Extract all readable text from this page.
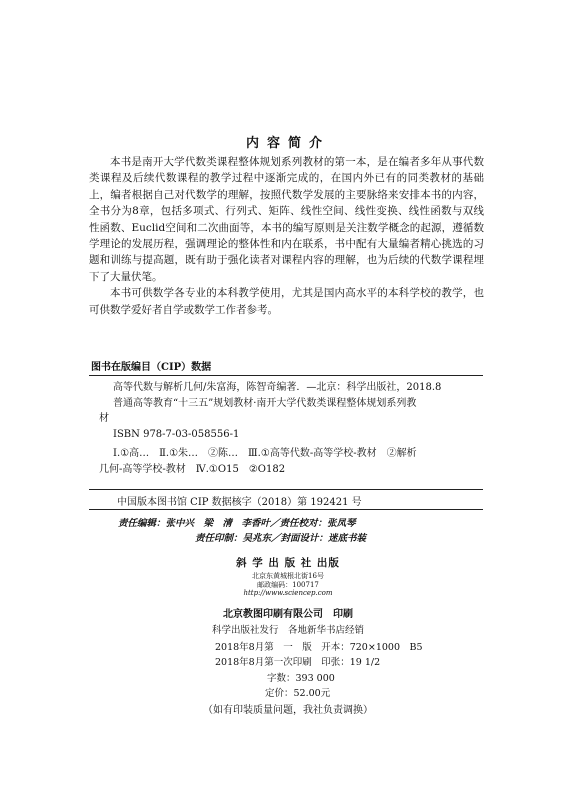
内容简介

本书是南开大学代数类课程整体规划系列教材的第一本，是在编者多年从事代数类课程及后续代数课程的教学过程中逐渐完成的，在国内外已有的同类教材的基础上，编者根据自己对代数学的理解，按照代数学发展的主要脉络来安排本书的内容，全书分为8章，包括多项式、行列式、矩阵、线性空间、线性变换、线性函数与双线性函数、Euclid空间和二次曲面等，本书的编写原则是关注数学概念的起源，遵循数学理论的发展历程，强调理论的整体性和内在联系，书中配有大量编者精心挑选的习题和训练与提高题，既有助于强化读者对课程内容的理解，也为后续的代数学课程埋下了大量伏笔。

本书可供数学各专业的本科教学使用，尤其是国内高水平的本科学校的教学，也可供数学爱好者自学或数学工作者参考。

图书在版编目（CIP）数据
高等代数与解析几何/朱富海，陈智奇编著．—北京：科学出版社，2018.8
普通高等教育“十三五”规划教材·南开大学代数类课程整体规划系列教
材
ISBN 978-7-03-058556-1
Ⅰ.①高…　Ⅱ.①朱…　②陈…　Ⅲ.①高等代数-高等学校-教材　②解析
几何-高等学校-教材　Ⅳ.①O15　②O182
中国版本图书馆 CIP 数据核字（2018）第 192421 号
责任编辑：张中兴　梁　清　李香叶／责任校对：张凤琴
责任印制：吴兆东／封面设计：迷底书装
斜 学 出 版 社 出版
北京东黄城根北街16号
邮政编码：100717
http://www.sciencep.com
北京教图印刷有限公司　印刷
科学出版社发行　各地新华书店经销
2018年8月第　一　版　开本：720×1000　B5
2018年8月第一次印刷　印张：19 1/2
字数：393 000
定价：52.00元
（如有印装质量问题，我社负责调换）
